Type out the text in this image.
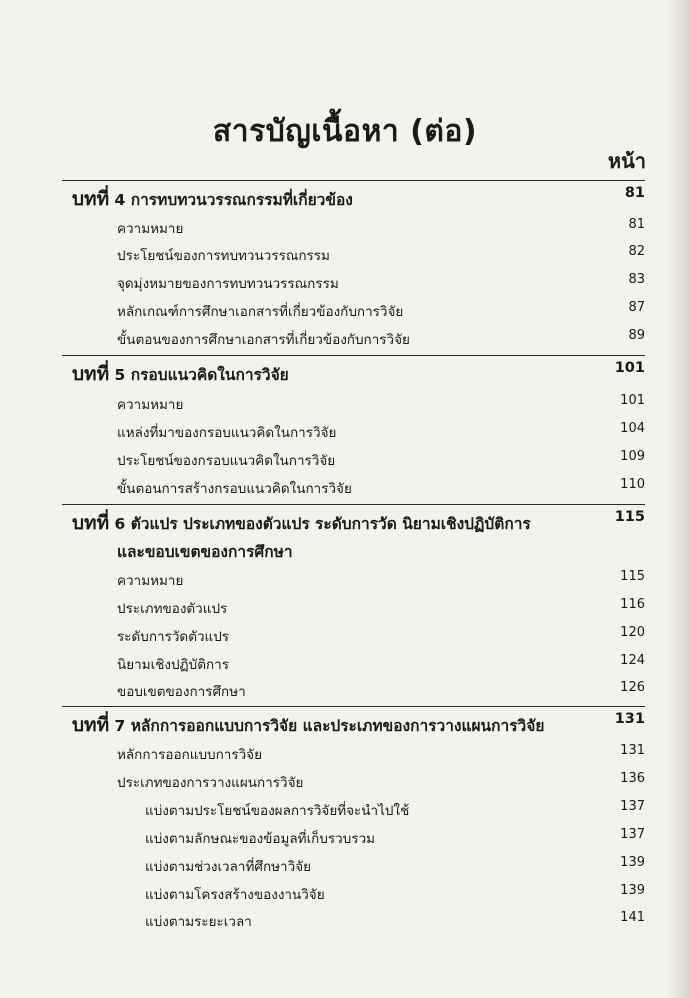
สารบัญเนื้อหา (ต่อ)
หน้า
บทที่ 4 การทบทวนวรรณกรรมที่เกี่ยวข้อง	81
ความหมาย	81
ประโยชน์ของการทบทวนวรรณกรรม	82
จุดมุ่งหมายของการทบทวนวรรณกรรม	83
หลักเกณฑ์การศึกษาเอกสารที่เกี่ยวข้องกับการวิจัย	87
ขั้นตอนของการศึกษาเอกสารที่เกี่ยวข้องกับการวิจัย	89
บทที่ 5 กรอบแนวคิดในการวิจัย	101
ความหมาย	101
แหล่งที่มาของกรอบแนวคิดในการวิจัย	104
ประโยชน์ของกรอบแนวคิดในการวิจัย	109
ขั้นตอนการสร้างกรอบแนวคิดในการวิจัย	110
บทที่ 6 ตัวแปร ประเภทของตัวแปร ระดับการวัด นิยามเชิงปฏิบัติการ	115
และขอบเขตของการศึกษา
ความหมาย	115
ประเภทของตัวแปร	116
ระดับการวัดตัวแปร	120
นิยามเชิงปฏิบัติการ	124
ขอบเขตของการศึกษา	126
บทที่ 7 หลักการออกแบบการวิจัย และประเภทของการวางแผนการวิจัย	131
หลักการออกแบบการวิจัย	131
ประเภทของการวางแผนการวิจัย	136
แบ่งตามประโยชน์ของผลการวิจัยที่จะนำไปใช้	137
แบ่งตามลักษณะของข้อมูลที่เก็บรวบรวม	137
แบ่งตามช่วงเวลาที่ศึกษาวิจัย	139
แบ่งตามโครงสร้างของงานวิจัย	139
แบ่งตามระยะเวลา	141
